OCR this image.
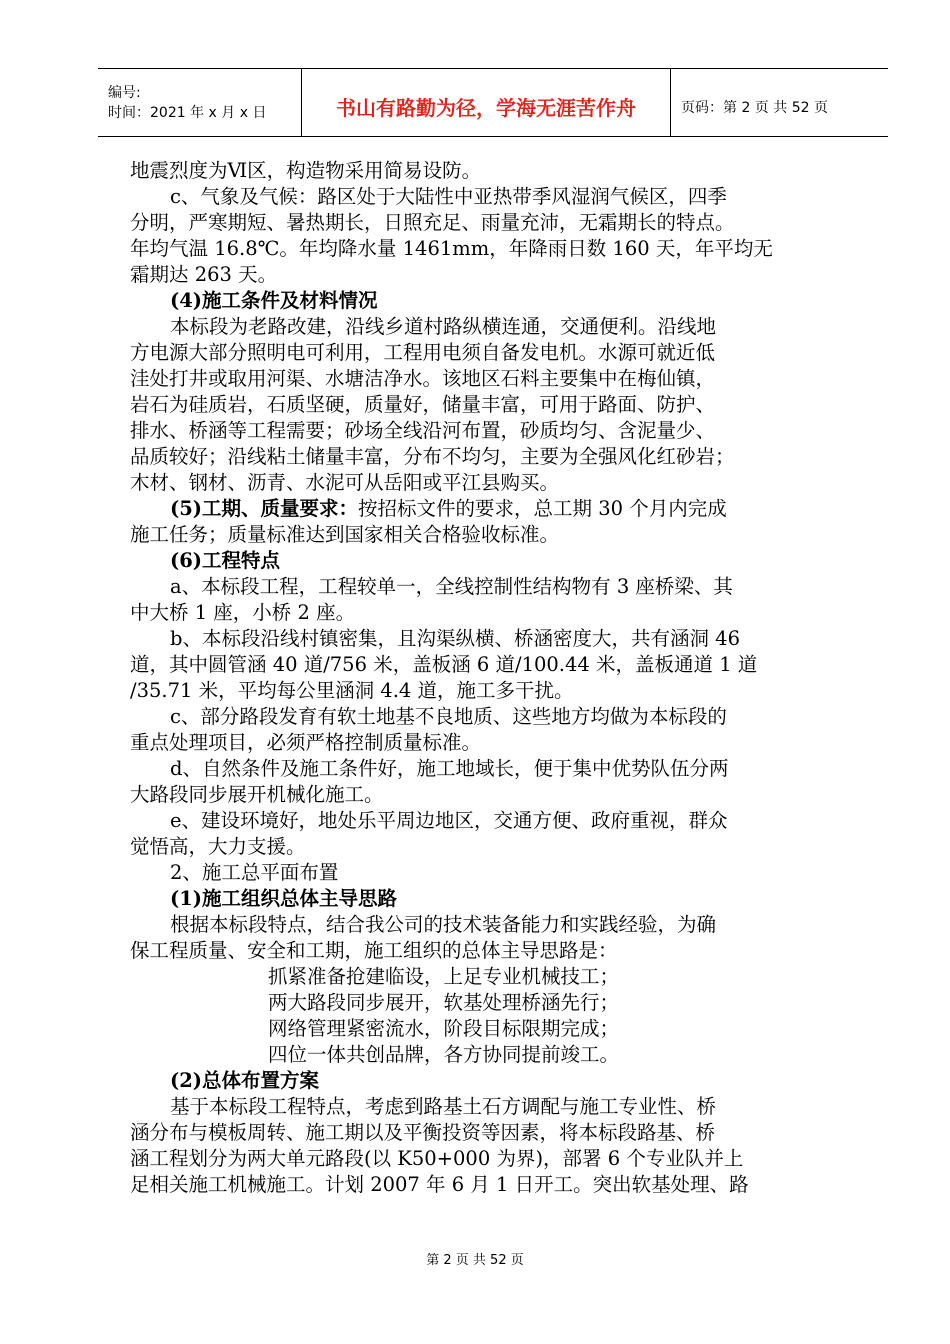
编号:
时间：2021 年 x 月 x 日	书山有路勤为径，学海无涯苦作舟	页码：第 2 页 共 52 页
地震烈度为Ⅵ区，构造物采用简易设防。
c、气象及气候：路区处于大陆性中亚热带季风湿润气候区，四季
分明，严寒期短、暑热期长，日照充足、雨量充沛，无霜期长的特点。
年均气温 16.8℃。年均降水量 1461mm，年降雨日数 160 天，年平均无
霜期达 263 天。
(4)施工条件及材料情况
本标段为老路改建，沿线乡道村路纵横连通，交通便利。沿线地
方电源大部分照明电可利用，工程用电须自备发电机。水源可就近低
洼处打井或取用河渠、水塘洁净水。该地区石料主要集中在梅仙镇，
岩石为硅质岩，石质坚硬，质量好，储量丰富，可用于路面、防护、
排水、桥涵等工程需要；砂场全线沿河布置，砂质均匀、含泥量少、
品质较好；沿线粘土储量丰富，分布不均匀，主要为全强风化红砂岩；
木材、钢材、沥青、水泥可从岳阳或平江县购买。
(5)工期、质量要求：按招标文件的要求，总工期 30 个月内完成
施工任务；质量标准达到国家相关合格验收标准。
(6)工程特点
a、本标段工程，工程较单一，全线控制性结构物有 3 座桥梁、其
中大桥 1 座，小桥 2 座。
b、本标段沿线村镇密集，且沟渠纵横、桥涵密度大，共有涵洞 46
道，其中圆管涵 40 道/756 米，盖板涵 6 道/100.44 米，盖板通道 1 道
/35.71 米，平均每公里涵洞 4.4 道，施工多干扰。
c、部分路段发育有软土地基不良地质、这些地方均做为本标段的
重点处理项目，必须严格控制质量标准。
d、自然条件及施工条件好，施工地域长，便于集中优势队伍分两
大路段同步展开机械化施工。
e、建设环境好，地处乐平周边地区，交通方便、政府重视，群众
觉悟高，大力支援。
2、施工总平面布置
(1)施工组织总体主导思路
根据本标段特点，结合我公司的技术装备能力和实践经验，为确
保工程质量、安全和工期，施工组织的总体主导思路是：
抓紧准备抢建临设，上足专业机械技工；
两大路段同步展开，软基处理桥涵先行；
网络管理紧密流水，阶段目标限期完成；
四位一体共创品牌，各方协同提前竣工。
(2)总体布置方案
基于本标段工程特点，考虑到路基土石方调配与施工专业性、桥
涵分布与模板周转、施工期以及平衡投资等因素，将本标段路基、桥
涵工程划分为两大单元路段(以 K50+000 为界)，部署 6 个专业队并上
足相关施工机械施工。计划 2007 年 6 月 1 日开工。突出软基处理、路
第 2 页 共 52 页
